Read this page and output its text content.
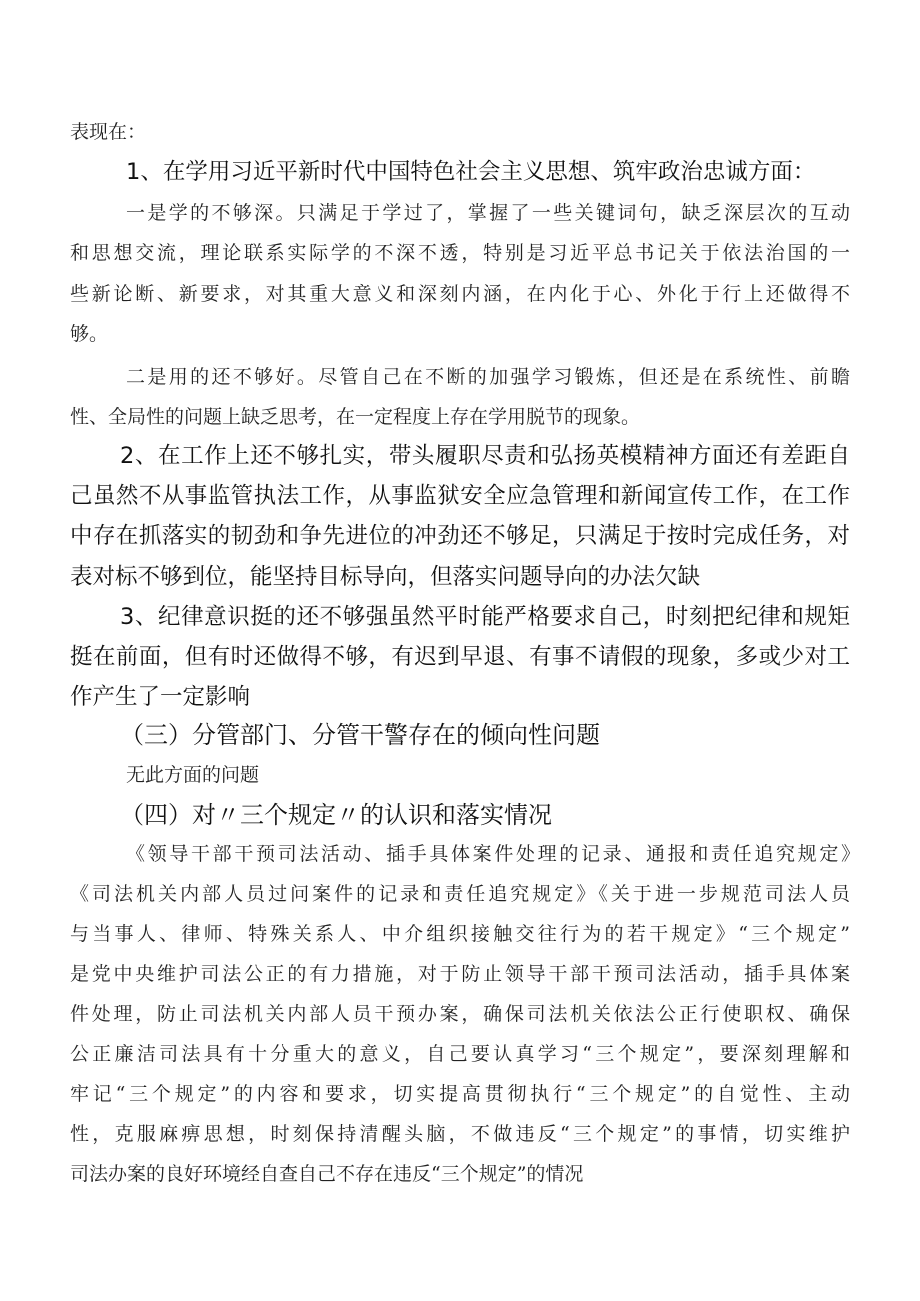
表现在：

1、在学用习近平新时代中国特色社会主义思想、筑牢政治忠诚方面：

一是学的不够深。只满足于学过了，掌握了一些关键词句，缺乏深层次的互动

和思想交流，理论联系实际学的不深不透，特别是习近平总书记关于依法治国的一

些新论断、新要求，对其重大意义和深刻内涵，在内化于心、外化于行上还做得不

够。

二是用的还不够好。尽管自己在不断的加强学习锻炼，但还是在系统性、前瞻

性、全局性的问题上缺乏思考，在一定程度上存在学用脱节的现象。

2、在工作上还不够扎实，带头履职尽责和弘扬英模精神方面还有差距自

己虽然不从事监管执法工作，从事监狱安全应急管理和新闻宣传工作，在工作

中存在抓落实的韧劲和争先进位的冲劲还不够足，只满足于按时完成任务，对

表对标不够到位，能坚持目标导向，但落实问题导向的办法欠缺

3、纪律意识挺的还不够强虽然平时能严格要求自己，时刻把纪律和规矩

挺在前面，但有时还做得不够，有迟到早退、有事不请假的现象，多或少对工

作产生了一定影响

（三）分管部门、分管干警存在的倾向性问题

无此方面的问题

（四）对〃三个规定〃的认识和落实情况

《领导干部干预司法活动、插手具体案件处理的记录、通报和责任追究规定》

《司法机关内部人员过问案件的记录和责任追究规定》《关于进一步规范司法人员

与当事人、律师、特殊关系人、中介组织接触交往行为的若干规定》“三个规定”

是党中央维护司法公正的有力措施，对于防止领导干部干预司法活动，插手具体案

件处理，防止司法机关内部人员干预办案，确保司法机关依法公正行使职权、确保

公正廉洁司法具有十分重大的意义，自己要认真学习“三个规定”，要深刻理解和

牢记“三个规定”的内容和要求，切实提高贯彻执行“三个规定”的自觉性、主动

性，克服麻痹思想，时刻保持清醒头脑，不做违反“三个规定”的事情，切实维护

司法办案的良好环境经自查自己不存在违反“三个规定”的情况
